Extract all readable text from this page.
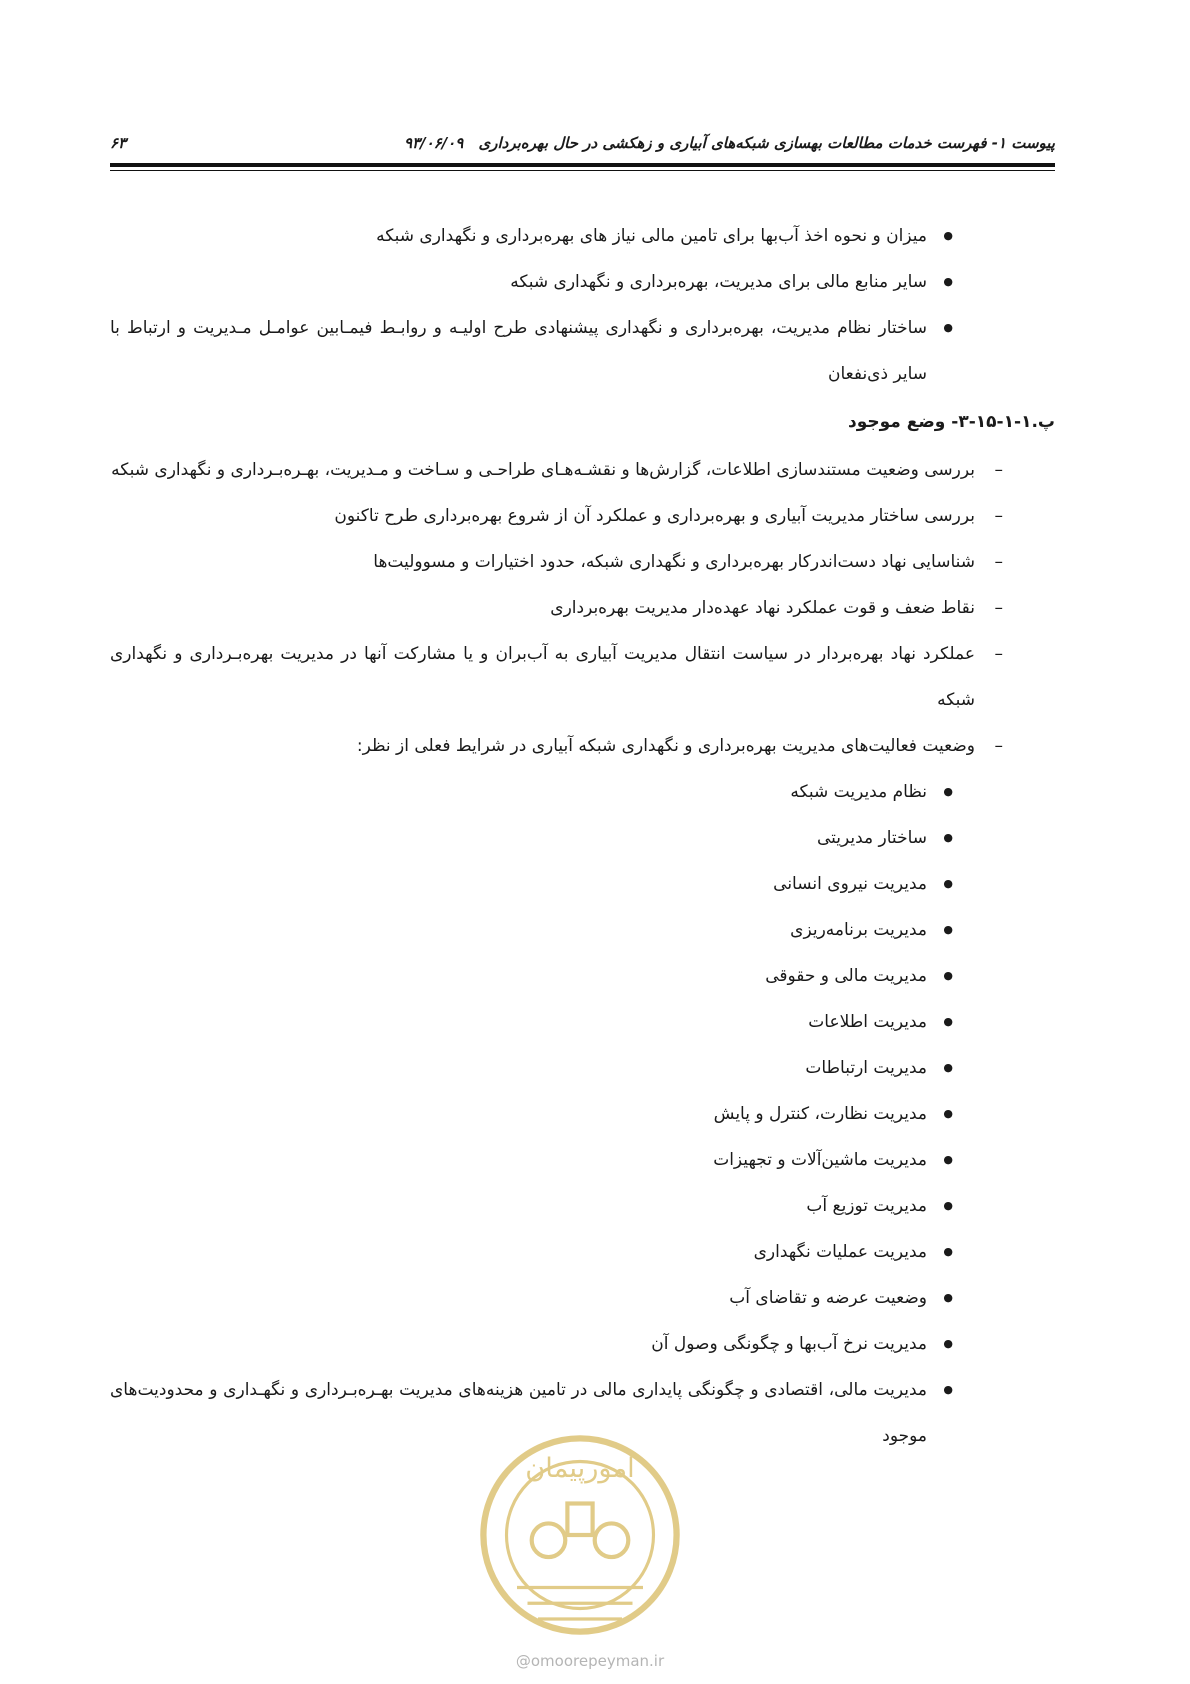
پیوست ۱- فهرست خدمات مطالعات بهسازی شبکه‌های آبیاری و زهکشی در حال بهره‌برداری ۹۳/۰۶/۰۹
۶۳
● میزان و نحوه اخذ آب‌بها برای تامین مالی نیاز های بهره‌برداری و نگهداری شبکه
● سایر منابع مالی برای مدیریت، بهره‌برداری و نگهداری شبکه
● ساختار نظام مدیریت، بهره‌برداری و نگهداری پیشنهادی طرح اولیـه و روابـط فیمـابین عوامـل مـدیریت و ارتباط با سایر ذی‌نفعان
پ.۱-۱-۱۵-۳- وضع موجود
– بررسی وضعیت مستندسازی اطلاعات، گزارش‌ها و نقشـه‌هـای طراحـی و سـاخت و مـدیریت، بهـره‌بـرداری و نگهداری شبکه
– بررسی ساختار مدیریت آبیاری و بهره‌برداری و عملکرد آن از شروع بهره‌برداری طرح تاکنون
– شناسایی نهاد دست‌اندرکار بهره‌برداری و نگهداری شبکه، حدود اختیارات و مسوولیت‌ها
– نقاط ضعف و قوت عملکرد نهاد عهده‌دار مدیریت بهره‌برداری
– عملکرد نهاد بهره‌بردار در سیاست انتقال مدیریت آبیاری به آب‌بران و یا مشارکت آنها در مدیریت بهره‌بـرداری و نگهداری شبکه
– وضعیت فعالیت‌های مدیریت بهره‌برداری و نگهداری شبکه آبیاری در شرایط فعلی از نظر:
● نظام مدیریت شبکه
● ساختار مدیریتی
● مدیریت نیروی انسانی
● مدیریت برنامه‌ریزی
● مدیریت مالی و حقوقی
● مدیریت اطلاعات
● مدیریت ارتباطات
● مدیریت نظارت، کنترل و پایش
● مدیریت ماشین‌آلات و تجهیزات
● مدیریت توزیع آب
● مدیریت عملیات نگهداری
● وضعیت عرضه و تقاضای آب
● مدیریت نرخ آب‌بها و چگونگی وصول آن
● مدیریت مالی، اقتصادی و چگونگی پایداری مالی در تامین هزینه‌های مدیریت بهـره‌بـرداری و نگهـداری و محدودیت‌های موجود
امورپیمان
@omoorepeyman.ir
